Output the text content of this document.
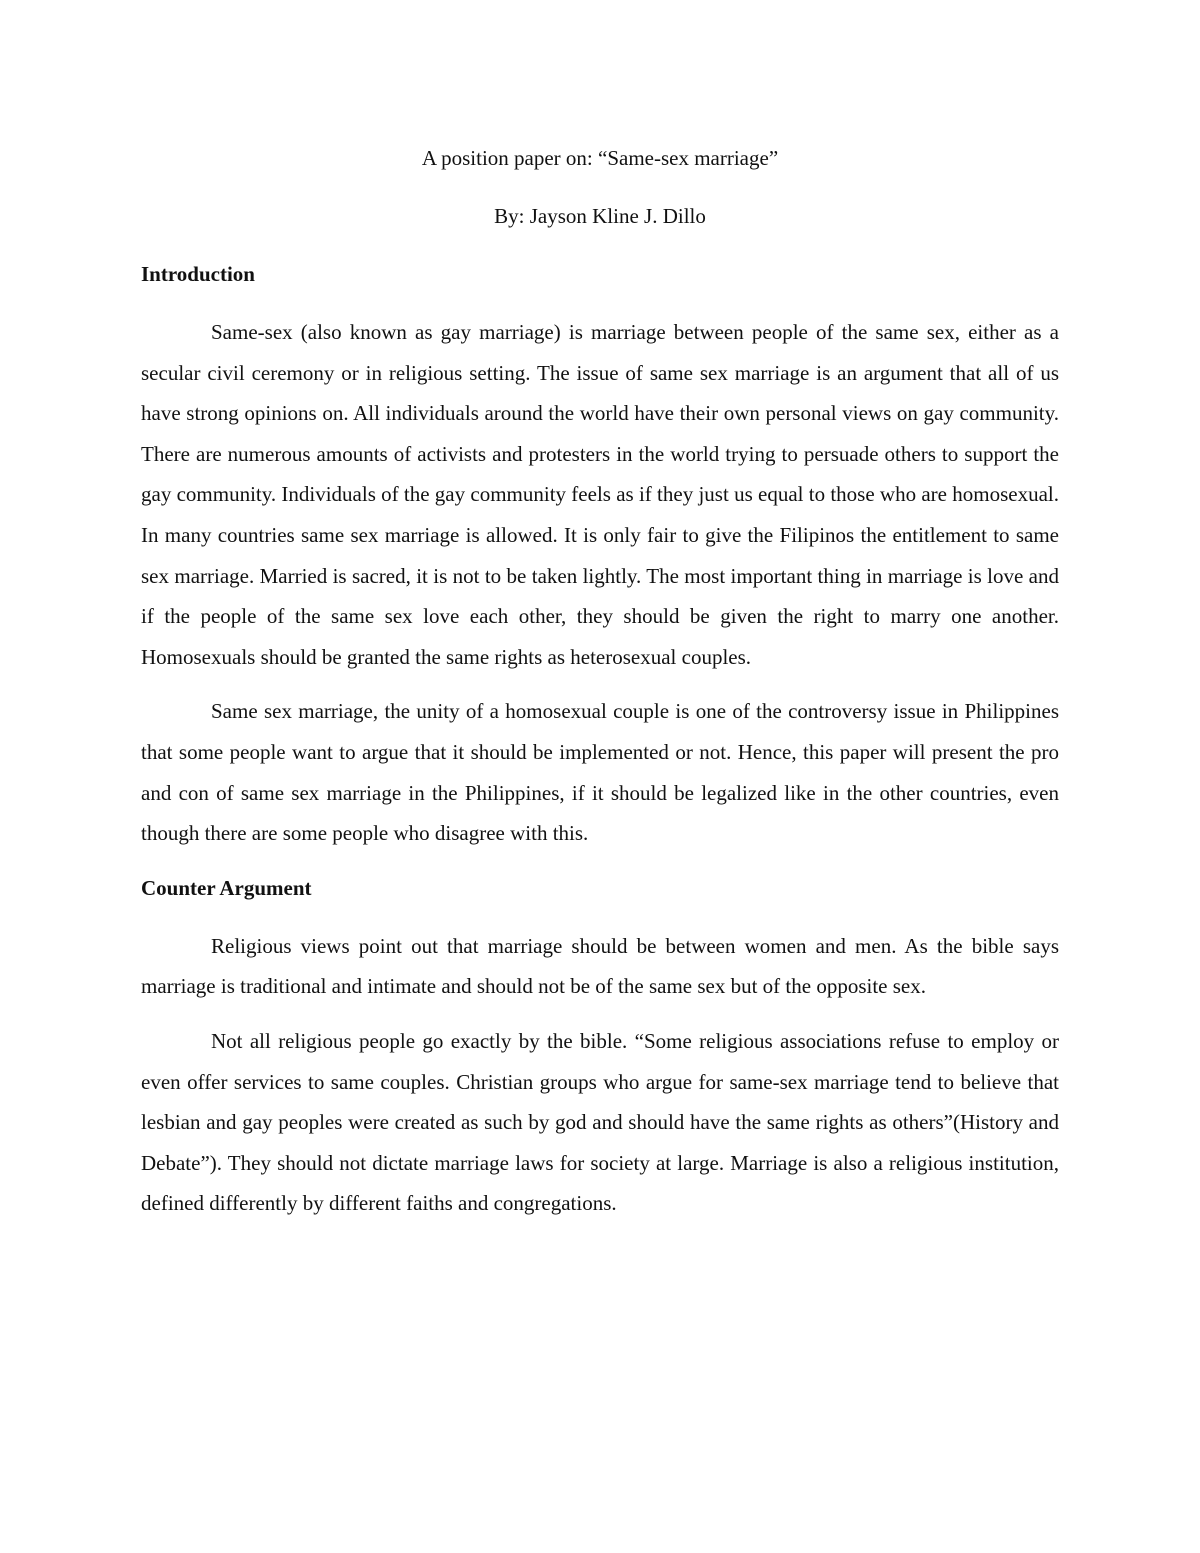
A position paper on: “Same-sex marriage”

By: Jayson Kline J. Dillo

Introduction

Same-sex (also known as gay marriage) is marriage between people of the same sex, either as a secular civil ceremony or in religious setting. The issue of same sex marriage is an argument that all of us have strong opinions on. All individuals around the world have their own personal views on gay community. There are numerous amounts of activists and protesters in the world trying to persuade others to support the gay community. Individuals of the gay community feels as if they just us equal to those who are homosexual. In many countries same sex marriage is allowed. It is only fair to give the Filipinos the entitlement to same sex marriage. Married is sacred, it is not to be taken lightly. The most important thing in marriage is love and if the people of the same sex love each other, they should be given the right to marry one another. Homosexuals should be granted the same rights as heterosexual couples.

Same sex marriage, the unity of a homosexual couple is one of the controversy issue in Philippines that some people want to argue that it should be implemented or not. Hence, this paper will present the pro and con of same sex marriage in the Philippines, if it should be legalized like in the other countries, even though there are some people who disagree with this.

Counter Argument

Religious views point out that marriage should be between women and men. As the bible says marriage is traditional and intimate and should not be of the same sex but of the opposite sex.

Not all religious people go exactly by the bible. “Some religious associations refuse to employ or even offer services to same couples. Christian groups who argue for same-sex marriage tend to believe that lesbian and gay peoples were created as such by god and should have the same rights as others”(History and Debate”). They should not dictate marriage laws for society at large. Marriage is also a religious institution, defined differently by different faiths and congregations.
